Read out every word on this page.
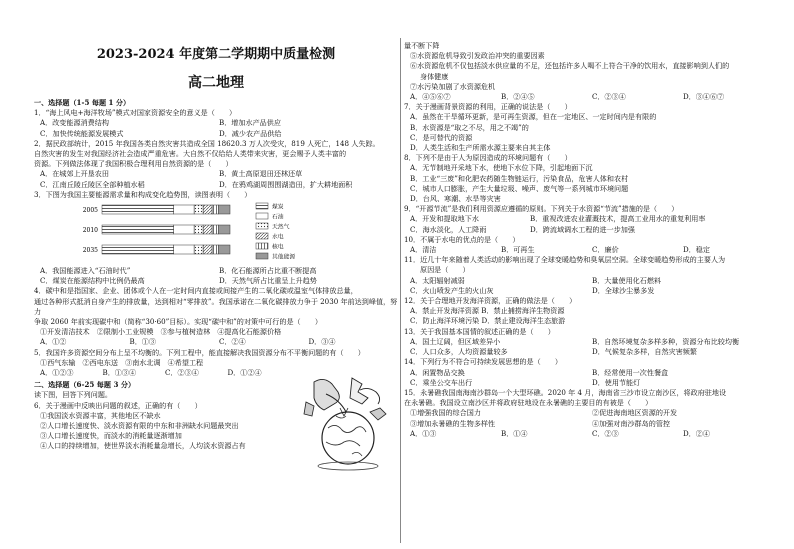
2023-2024 年度第二学期期中质量检测
高二地理
一、选择题（1-5 每题 1 分）
1．“海上风电+海洋牧场”模式对国家资源安全的意义是（　　）
A．改变能源消费结构	B．增加水产品供应
C．加快传统能源发展模式	D．减少农产品供给
2．据民政部统计，2015 年我国各类自然灾害共造成全国 18620.3 万人次受灾，819 人死亡，148 人失踪。
自然灾害的发生对我国经济社会造成严重危害。大自然不仅给给人类带来灾害，更会赐予人类丰富的
资源。下列做法体现了我国积极合理利用自然资源的是（　　）
A．在城郊上开垦农田	B．黄土高原退田还林还草
C．江南丘陵丘陵区全部种植水稻	D．在鸦鸡湖周围围湖造田，扩大耕地面积
3．下图为我国主要能源需求量和构成变化趋势图，读图表明（　　）
2005
2010
2035
煤炭
石油
天然气
水电
核电
其他能源
A．我国能源进入“石油时代”	B．化石能源所占比重不断提高
C．煤炭在能源结构中比例仍最高	D．天然气所占比重呈上升趋势
4．碳中和是指国家、企业、团体或个人在一定时间内直接或间接产生的二氧化碳或温室气体排放总量，
通过各种形式抵消自身产生的排放量，达到相对“零排放”。我国承诺在二氧化碳排放力争于 2030 年前达到峰值，努力
争取 2060 年前实现碳中和（简称“30·60”目标）。实现“碳中和”的对策中可行的是（　　）
①开发清洁技术　②限制小工业规模　③参与植树造林　④提高化石能源价格
A．①②	B．①③	C．②④	D．③④
5．我国许多资源空间分布上呈不均衡的。下列工程中，能直接解决我国资源分布不平衡问题的有（　　）
①西气东输　②西电东送　③南水北调　④希望工程
A．①②③	B．①③④	C．②③④	D．①②④
二、选择题（6-25 每题 3 分）
读下图，回答下列问题。
6．关于漫画中反映出问题的叙述，正确的有（　　）
①我国淡水资源丰富，其他地区不缺水
②人口增长速度快、淡水资源有限的中东和非洲缺水问题最突出
③人口增长速度快，而淡水的消耗量逐渐增加
④人口的持续增加，使世界淡水消耗量急增长，人均淡水资源占有
量不断下降
⑤水资源危机导致引发政治冲突的重要因素
⑥水资源危机不仅包括淡水供应量的不足，还包括许多人喝不上符合干净的饮用水，直接影响到人们的
身体健康
⑦水污染加剧了水资源危机
A．④⑤⑥⑦	B．②④⑤	C．②③④	D．③④⑥⑦
7．关于漫画背景资源的利用，正确的说法是（　　）
A．虽然在干旱循环更新，是可再生资源，但在一定地区、一定时间内是有限的
B．水资源是“取之不尽，用之不竭”的
C．是可替代的资源
D．人类生活和生产所需水源主要来自其主体
8．下列不是由于人为原因造成的环境问题有（　　）
A．无节制地开采地下水，使地下水位下降，引起地面下沉
B．工业“三废”和化肥农药随生物链运行，污染食品，危害人体和农村
C．城市人口膨胀，产生大量垃圾、噪声、废气等一系列城市环境问题
D．台风、寒潮、水旱等灾害
9．“开源节流”是我们利用资源应遵循的原则。下列关于水资源“节流”措施的是（　　）
A．开发和提取地下水	B．重视改进农业灌溉技术，提高工业用水的重复利用率
C．海水淡化，人工降雨	D．跨流域调水工程的进一步加强
10．不属于水电的优点的是（　　）
A．清洁	B．可再生	C．廉价	D．稳定
11．近几十年来随着人类活动的影响出现了全球变暖趋势和臭氧层空洞。全球变暖趋势形成的主要人为
原因是（　　）
A．太阳辐射减弱	B．大量使用化石燃料
C．火山喷发产生的火山灰	D．全球沙尘暴多发
12．关于合理地开发海洋资源，正确的做法是（　　）
A．禁止开发海洋资源 B．禁止捕捞海洋生物资源
C．防止海洋环境污染 D．禁止建设海洋生态旅游
13．关于我国基本国情的叙述正确的是（　　）
A．国土辽阔，但区域差异小	B．自然环境复杂多样多种，资源分布比较均衡
C．人口众多，人均资源量较多	D．气候复杂多样，自然灾害频繁
14．下列行为不符合可持续发展思想的是（　　）
A．闲置物品交换	B．经常使用一次性餐盒
C．乘坐公交车出行	D．使用节能灯
15．永暑礁我国南海南沙群岛一个大型环礁。2020 年 4 月，海南省三沙市设立南沙区，将政府驻地设
在永暑礁。我国设立南沙区并将政府驻地设在永暑礁的主要目的有被是（　　）
①增强我国的综合国力	②促进海南地区资源的开发
③增加永暑礁的生物多样性	④加强对南沙群岛的管控
A．①③	B．①④	C．②③	D．②④
